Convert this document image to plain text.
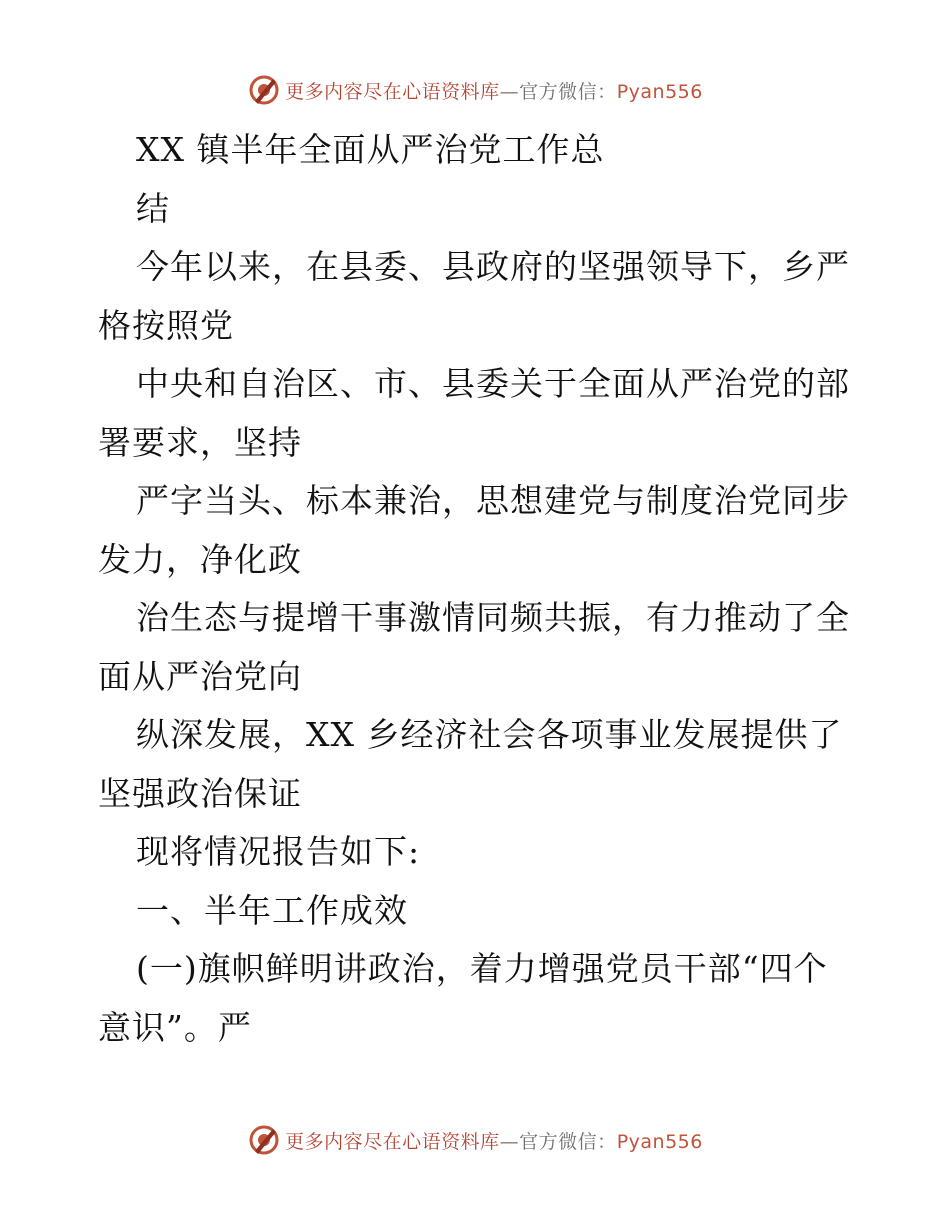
更多内容尽在心语资料库—官方微信：Pyan556
XX 镇半年全面从严治党工作总
结
今年以来，在县委、县政府的坚强领导下，乡严
格按照党
中央和自治区、市、县委关于全面从严治党的部
署要求，坚持
严字当头、标本兼治，思想建党与制度治党同步
发力，净化政
治生态与提增干事激情同频共振，有力推动了全
面从严治党向
纵深发展，XX 乡经济社会各项事业发展提供了
坚强政治保证
现将情况报告如下:
一、半年工作成效
(一)旗帜鲜明讲政治，着力增强党员干部“四个
意识”。严
更多内容尽在心语资料库—官方微信：Pyan556
